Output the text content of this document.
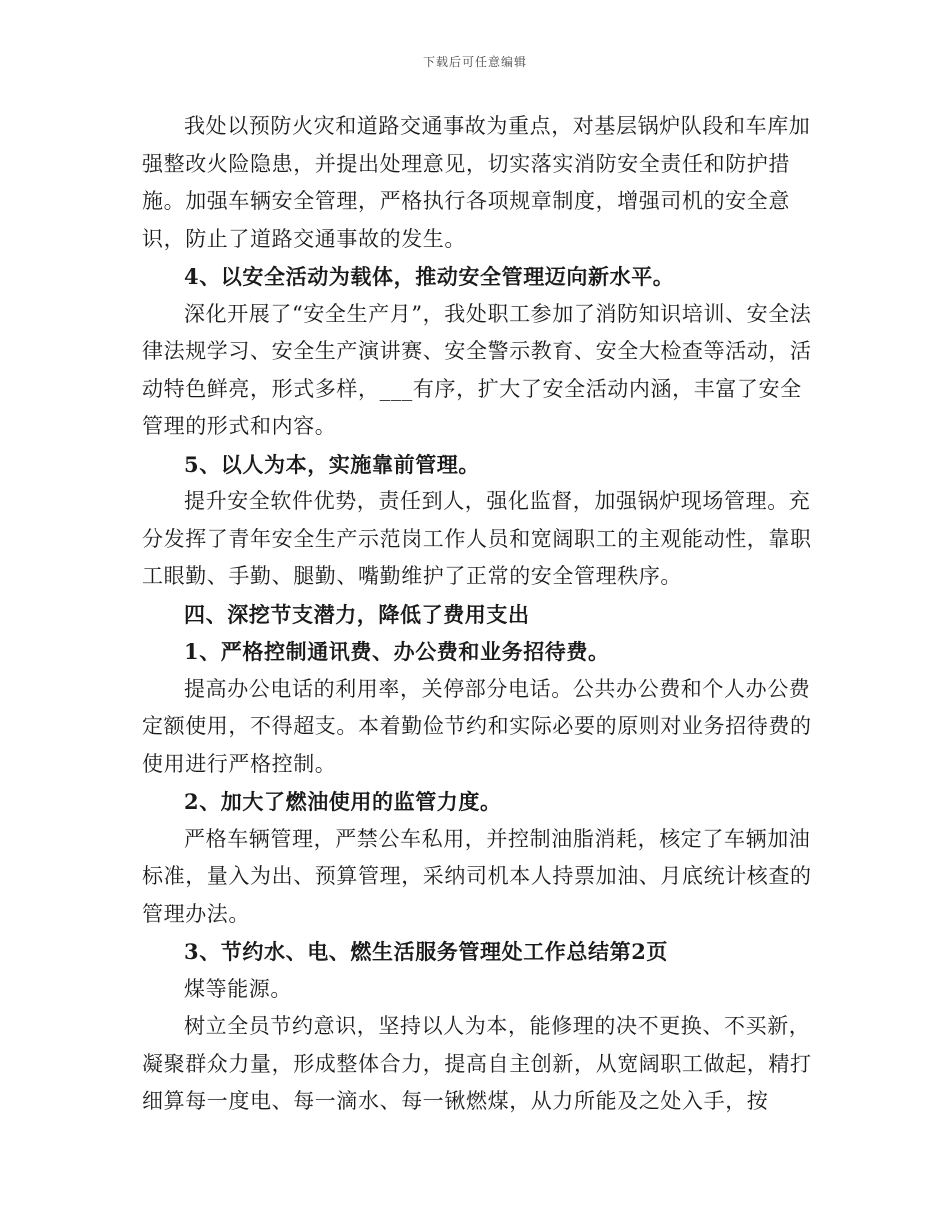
下载后可任意编辑

我处以预防火灾和道路交通事故为重点，对基层锅炉队段和车库加强整改火险隐患，并提出处理意见，切实落实消防安全责任和防护措施。加强车辆安全管理，严格执行各项规章制度，增强司机的安全意识，防止了道路交通事故的发生。

4、以安全活动为载体，推动安全管理迈向新水平。

深化开展了“安全生产月”，我处职工参加了消防知识培训、安全法律法规学习、安全生产演讲赛、安全警示教育、安全大检查等活动，活动特色鲜亮，形式多样，___有序，扩大了安全活动内涵，丰富了安全管理的形式和内容。

5、以人为本，实施靠前管理。

提升安全软件优势，责任到人，强化监督，加强锅炉现场管理。充分发挥了青年安全生产示范岗工作人员和宽阔职工的主观能动性，靠职工眼勤、手勤、腿勤、嘴勤维护了正常的安全管理秩序。

四、深挖节支潜力，降低了费用支出

1、严格控制通讯费、办公费和业务招待费。

提高办公电话的利用率，关停部分电话。公共办公费和个人办公费定额使用，不得超支。本着勤俭节约和实际必要的原则对业务招待费的使用进行严格控制。

2、加大了燃油使用的监管力度。

严格车辆管理，严禁公车私用，并控制油脂消耗，核定了车辆加油标准，量入为出、预算管理，采纳司机本人持票加油、月底统计核查的管理办法。

3、节约水、电、燃生活服务管理处工作总结第2页

煤等能源。

树立全员节约意识，坚持以人为本，能修理的决不更换、不买新，凝聚群众力量，形成整体合力，提高自主创新，从宽阔职工做起，精打细算每一度电、每一滴水、每一锹燃煤，从力所能及之处入手，按
